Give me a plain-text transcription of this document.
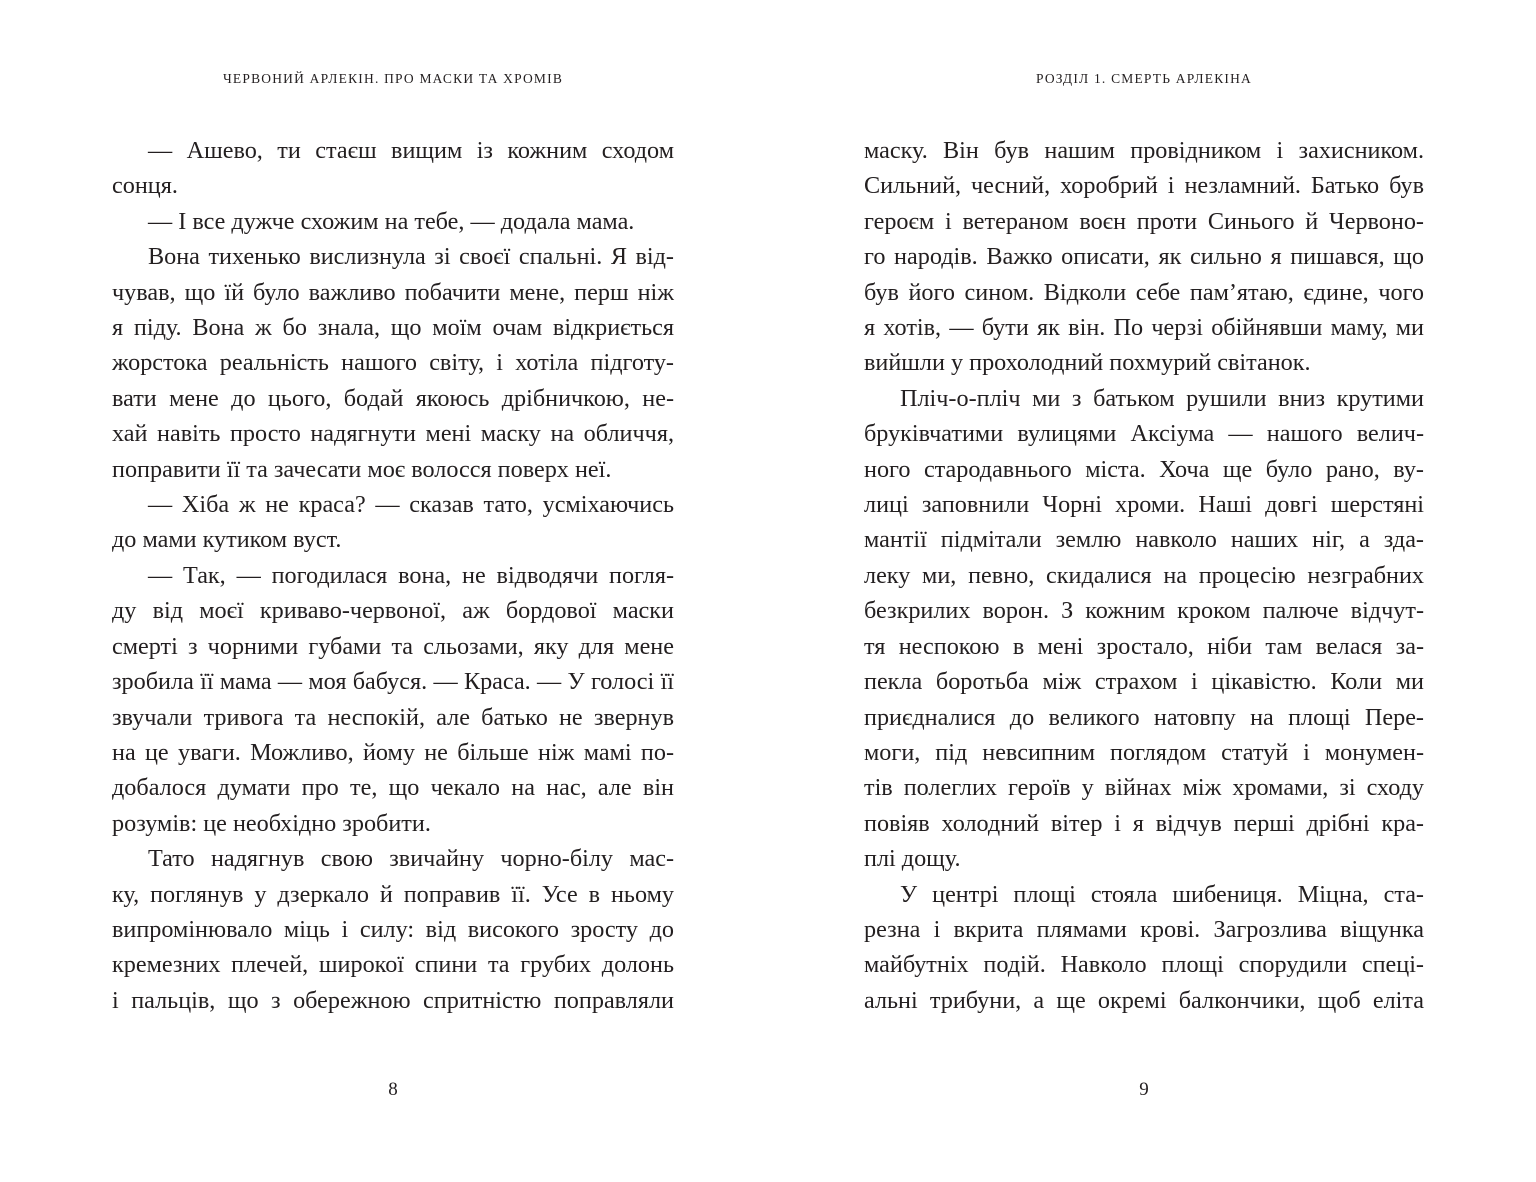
ЧЕРВОНИЙ АРЛЕКІН. ПРО МАСКИ ТА ХРОМІВ

— Ашево, ти стаєш вищим із кожним сходом
сонця.

— І все дужче схожим на тебе, — додала мама.

Вона тихенько вислизнула зі своєї спальні. Я від-
чував, що їй було важливо побачити мене, перш ніж
я піду. Вона ж бо знала, що моїм очам відкриється
жорстока реальність нашого світу, і хотіла підготу-
вати мене до цього, бодай якоюсь дрібничкою, не-
хай навіть просто надягнути мені маску на обличчя,
поправити її та зачесати моє волосся поверх неї.

— Хіба ж не краса? — сказав тато, усміхаючись
до мами кутиком вуст.

— Так, — погодилася вона, не відводячи погля-
ду від моєї криваво-червоної, аж бордової маски
смерті з чорними губами та сльозами, яку для мене
зробила її мама — моя бабуся. — Краса. — У голосі її
звучали тривога та неспокій, але батько не звернув
на це уваги. Можливо, йому не більше ніж мамі по-
добалося думати про те, що чекало на нас, але він
розумів: це необхідно зробити.

Тато надягнув свою звичайну чорно-білу мас-
ку, поглянув у дзеркало й поправив її. Усе в ньому
випромінювало міць і силу: від високого зросту до
кремезних плечей, широкої спини та грубих долонь
і пальців, що з обережною спритністю поправляли

8
РОЗДІЛ 1. СМЕРТЬ АРЛЕКІНА

маску. Він був нашим провідником і захисником.
Сильний, чесний, хоробрий і незламний. Батько був
героєм і ветераном воєн проти Синього й Червоно-
го народів. Важко описати, як сильно я пишався, що
був його сином. Відколи себе пам’ятаю, єдине, чого
я хотів, — бути як він. По черзі обійнявши маму, ми
вийшли у прохолодний похмурий світанок.

Пліч-о-пліч ми з батьком рушили вниз крутими
бруківчатими вулицями Аксіума — нашого велич-
ного стародавнього міста. Хоча ще було рано, ву-
лиці заповнили Чорні хроми. Наші довгі шерстяні
мантії підмітали землю навколо наших ніг, а зда-
леку ми, певно, скидалися на процесію незграбних
безкрилих ворон. З кожним кроком палюче відчут-
тя неспокою в мені зростало, ніби там велася за-
пекла боротьба між страхом і цікавістю. Коли ми
приєдналися до великого натовпу на площі Пере-
моги, під невсипним поглядом статуй і монумен-
тів полеглих героїв у війнах між хромами, зі сходу
повіяв холодний вітер і я відчув перші дрібні кра-
плі дощу.

У центрі площі стояла шибениця. Міцна, ста-
резна і вкрита плямами крові. Загрозлива віщунка
майбутніх подій. Навколо площі спорудили спеці-
альні трибуни, а ще окремі балкончики, щоб еліта

9
